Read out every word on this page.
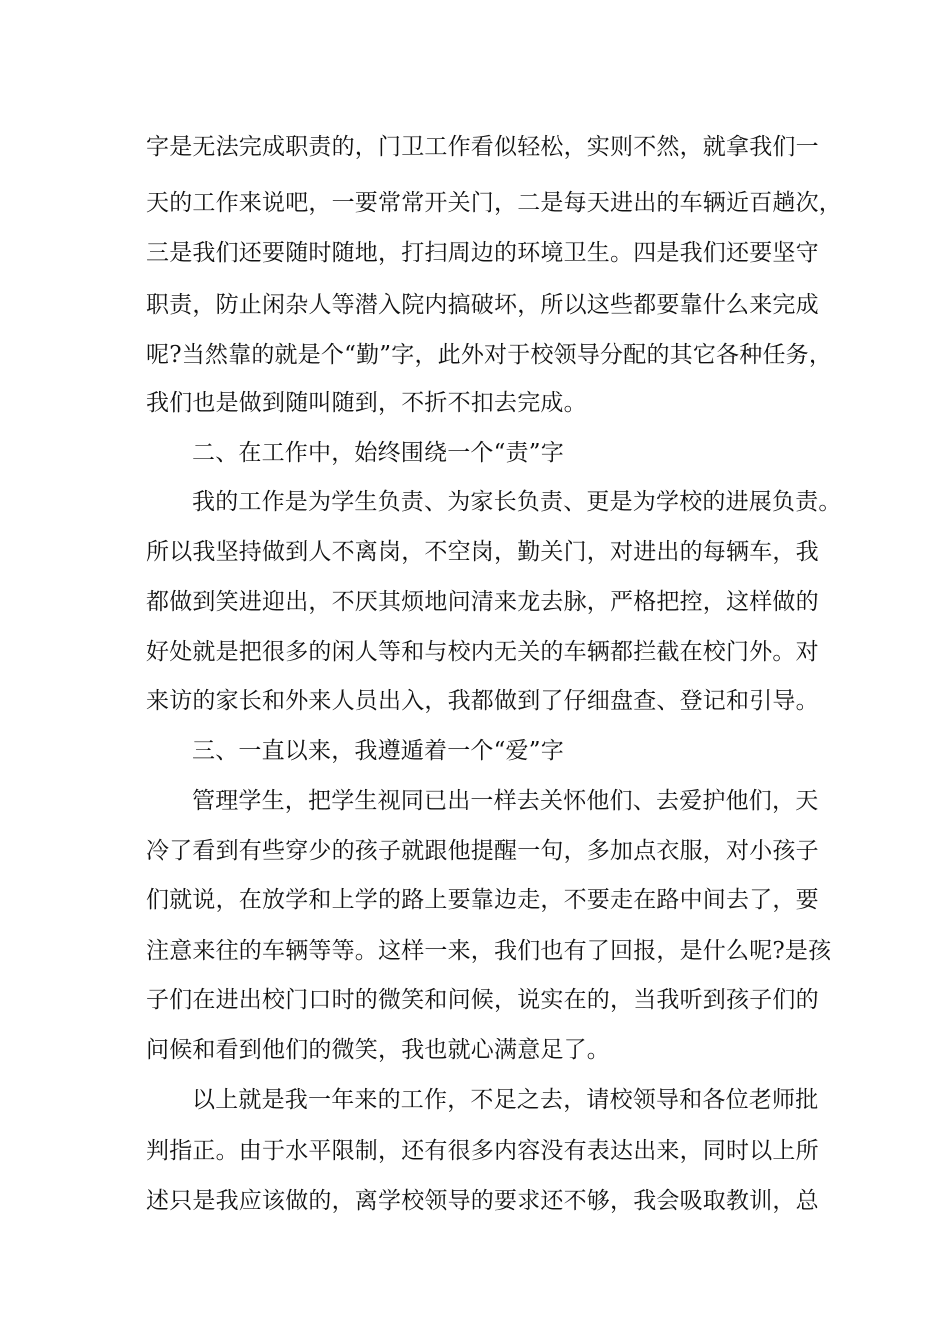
字是无法完成职责的，门卫工作看似轻松，实则不然，就拿我们一
天的工作来说吧，一要常常开关门，二是每天进出的车辆近百趟次，
三是我们还要随时随地，打扫周边的环境卫生。四是我们还要坚守
职责，防止闲杂人等潜入院内搞破坏，所以这些都要靠什么来完成
呢?当然靠的就是个“勤”字，此外对于校领导分配的其它各种任务，
我们也是做到随叫随到，不折不扣去完成。
二、在工作中，始终围绕一个“责”字
我的工作是为学生负责、为家长负责、更是为学校的进展负责。
所以我坚持做到人不离岗，不空岗，勤关门，对进出的每辆车，我
都做到笑进迎出，不厌其烦地问清来龙去脉，严格把控，这样做的
好处就是把很多的闲人等和与校内无关的车辆都拦截在校门外。对
来访的家长和外来人员出入，我都做到了仔细盘查、登记和引导。
三、一直以来，我遵遁着一个“爱”字
管理学生，把学生视同已出一样去关怀他们、去爱护他们，天
冷了看到有些穿少的孩子就跟他提醒一句，多加点衣服，对小孩子
们就说，在放学和上学的路上要靠边走，不要走在路中间去了，要
注意来往的车辆等等。这样一来，我们也有了回报，是什么呢?是孩
子们在进出校门口时的微笑和问候，说实在的，当我听到孩子们的
问候和看到他们的微笑，我也就心满意足了。
以上就是我一年来的工作，不足之去，请校领导和各位老师批
判指正。由于水平限制，还有很多内容没有表达出来，同时以上所
述只是我应该做的，离学校领导的要求还不够，我会吸取教训，总
